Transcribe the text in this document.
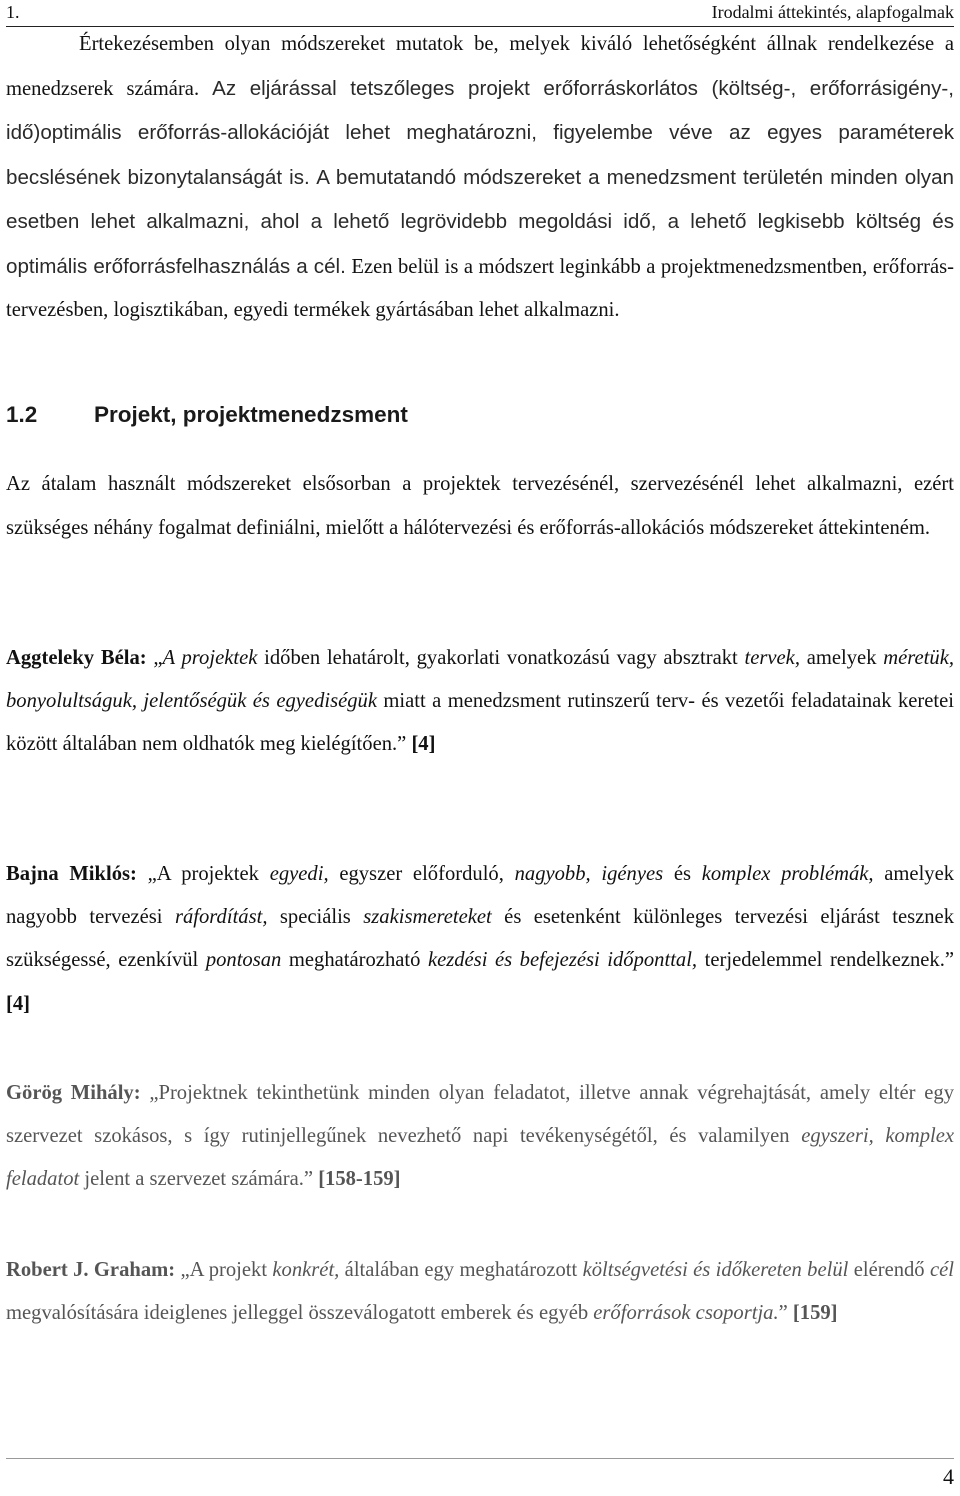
1.	Irodalmi áttekintés, alapfogalmak

Értekezésemben olyan módszereket mutatok be, melyek kiváló lehetőségként állnak rendelkezése a menedzserek számára. Az eljárással tetszőleges projekt erőforráskorlátos (költség-, erőforrásigény-, idő)optimális erőforrás-allokációját lehet meghatározni, figyelembe véve az egyes paraméterek becslésének bizonytalanságát is. A bemutatandó módszereket a menedzsment területén minden olyan esetben lehet alkalmazni, ahol a lehető legrövidebb megoldási idő, a lehető legkisebb költség és optimális erőforrásfelhasználás a cél. Ezen belül is a módszert leginkább a projektmenedzsmentben, erőforrás-tervezésben, logisztikában, egyedi termékek gyártásában lehet alkalmazni.

1.2	Projekt, projektmenedzsment

Az átalam használt módszereket elsősorban a projektek tervezésénél, szervezésénél lehet alkalmazni, ezért szükséges néhány fogalmat definiálni, mielőtt a hálótervezési és erőforrás-allokációs módszereket áttekinteném.

Aggteleky Béla: „A projektek időben lehatárolt, gyakorlati vonatkozású vagy absztrakt tervek, amelyek méretük, bonyolultságuk, jelentőségük és egyediségük miatt a menedzsment rutinszerű terv- és vezetői feladatainak keretei között általában nem oldhatók meg kielégítően.” [4]

Bajna Miklós: „A projektek egyedi, egyszer előforduló, nagyobb, igényes és komplex problémák, amelyek nagyobb tervezési ráfordítást, speciális szakismereteket és esetenként különleges tervezési eljárást tesznek szükségessé, ezenkívül pontosan meghatározható kezdési és befejezési időponttal, terjedelemmel rendelkeznek.” [4]

Görög Mihály: „Projektnek tekinthetünk minden olyan feladatot, illetve annak végrehajtását, amely eltér egy szervezet szokásos, s így rutinjellegűnek nevezhető napi tevékenységétől, és valamilyen egyszeri, komplex feladatot jelent a szervezet számára.” [158-159]

Robert J. Graham: „A projekt konkrét, általában egy meghatározott költségvetési és időkereten belül elérendő cél megvalósítására ideiglenes jelleggel összeválogatott emberek és egyéb erőforrások csoportja.” [159]

4
